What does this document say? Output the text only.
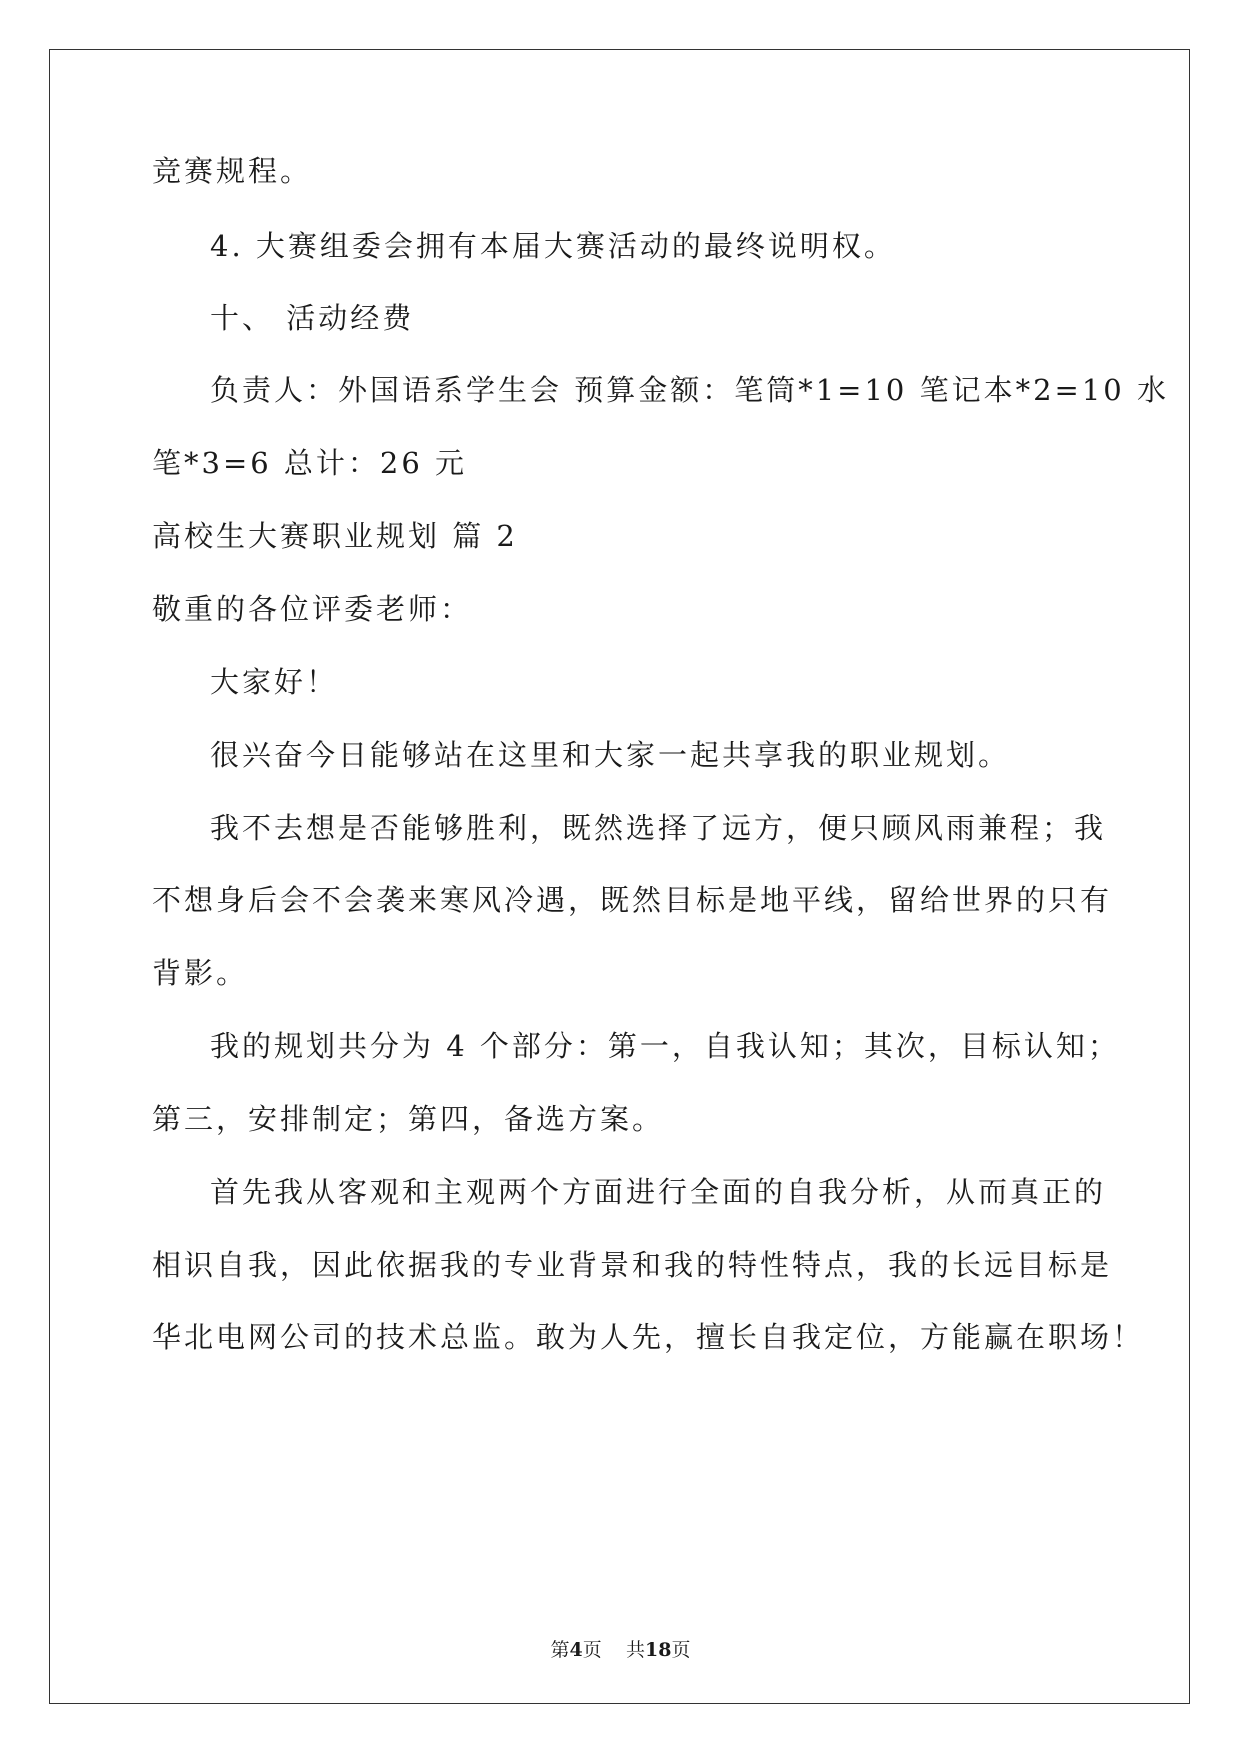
竞赛规程。
4. 大赛组委会拥有本届大赛活动的最终说明权。
十、 活动经费
负责人：外国语系学生会 预算金额：笔筒*1=10 笔记本*2=10 水
笔*3=6 总计：26 元
高校生大赛职业规划 篇 2
敬重的各位评委老师：
大家好！
很兴奋今日能够站在这里和大家一起共享我的职业规划。
我不去想是否能够胜利，既然选择了远方，便只顾风雨兼程；我
不想身后会不会袭来寒风冷遇，既然目标是地平线，留给世界的只有
背影。
我的规划共分为 4 个部分：第一，自我认知；其次，目标认知；
第三，安排制定；第四，备选方案。
首先我从客观和主观两个方面进行全面的自我分析，从而真正的
相识自我，因此依据我的专业背景和我的特性特点，我的长远目标是
华北电网公司的技术总监。敢为人先，擅长自我定位，方能赢在职场！
第4页 共18页
